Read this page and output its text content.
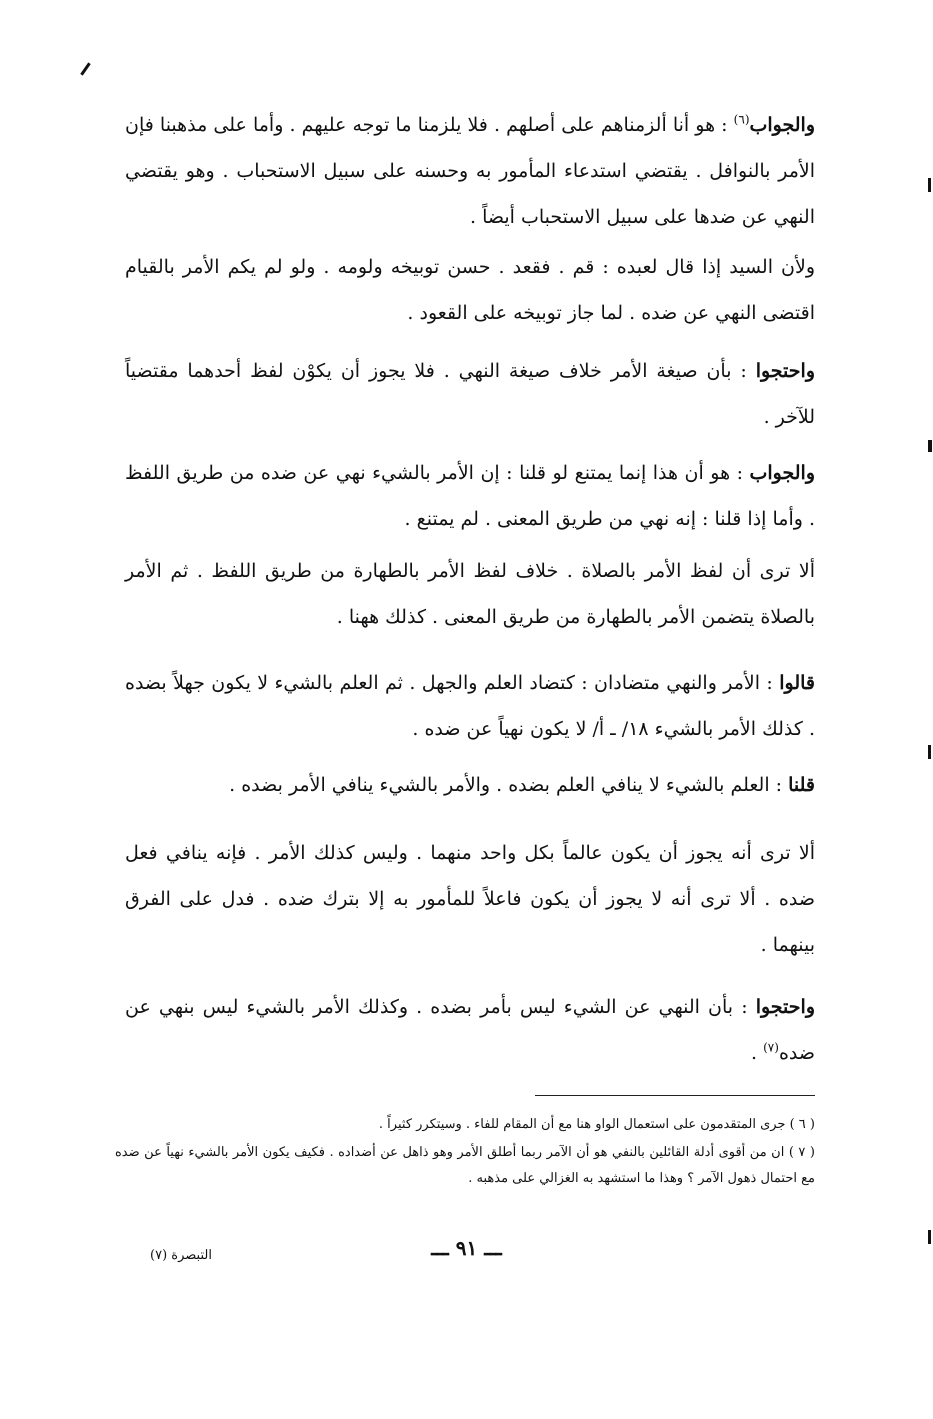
والجواب$^{(٦)}$ : هو أنا ألزمناهم على أصلهم . فلا يلزمنا ما توجه عليهم . وأما على مذهبنا فإن الأمر بالنوافل . يقتضي استدعاء المأمور به وحسنه على سبيل الاستحباب . وهو يقتضي النهي عن ضدها على سبيل الاستحباب أيضاً .
ولأن السيد إذا قال لعبده : قم . فقعد . حسن توبيخه ولومه . ولو لم يكم الأمر بالقيام اقتضى النهي عن ضده . لما جاز توبيخه على القعود .
واحتجوا : بأن صيغة الأمر خلاف صيغة النهي . فلا يجوز أن يكوْن لفظ أحدهما مقتضياً للآخر .
والجواب : هو أن هذا إنما يمتنع لو قلنا : إن الأمر بالشيء نهي عن ضده من طريق اللفظ . وأما إذا قلنا : إنه نهي من طريق المعنى . لم يمتنع .
ألا ترى أن لفظ الأمر بالصلاة . خلاف لفظ الأمر بالطهارة من طريق اللفظ . ثم الأمر بالصلاة يتضمن الأمر بالطهارة من طريق المعنى . كذلك ههنا .
قالوا : الأمر والنهي متضادان : كتضاد العلم والجهل . ثم العلم بالشيء لا يكون جهلاً بضده . كذلك الأمر بالشيء ١٨/ ـ أ/ لا يكون نهياً عن ضده .
قلنا : العلم بالشيء لا ينافي العلم بضده . والأمر بالشيء ينافي الأمر بضده .
ألا ترى أنه يجوز أن يكون عالماً بكل واحد منهما . وليس كذلك الأمر . فإنه ينافي فعل ضده . ألا ترى أنه لا يجوز أن يكون فاعلاً للمأمور به إلا بترك ضده . فدل على الفرق بينهما .
واحتجوا : بأن النهي عن الشيء ليس بأمر بضده . وكذلك الأمر بالشيء ليس بنهي عن ضده$^{(٧)}$ .
( ٦ ) جرى المتقدمون على استعمال الواو هنا مع أن المقام للفاء . وسيتكرر كثيراً .
( ٧ ) ان من أقوى أدلة القائلين بالنفي هو أن الآمر ربما أطلق الأمر وهو ذاهل عن أضداده . فكيف يكون الأمر بالشيء نهياً عن ضده مع احتمال ذهول الآمر ؟ وهذا ما استشهد به الغزالي على مذهبه .
ـــ ٩١ ـــ
التبصرة (٧)
